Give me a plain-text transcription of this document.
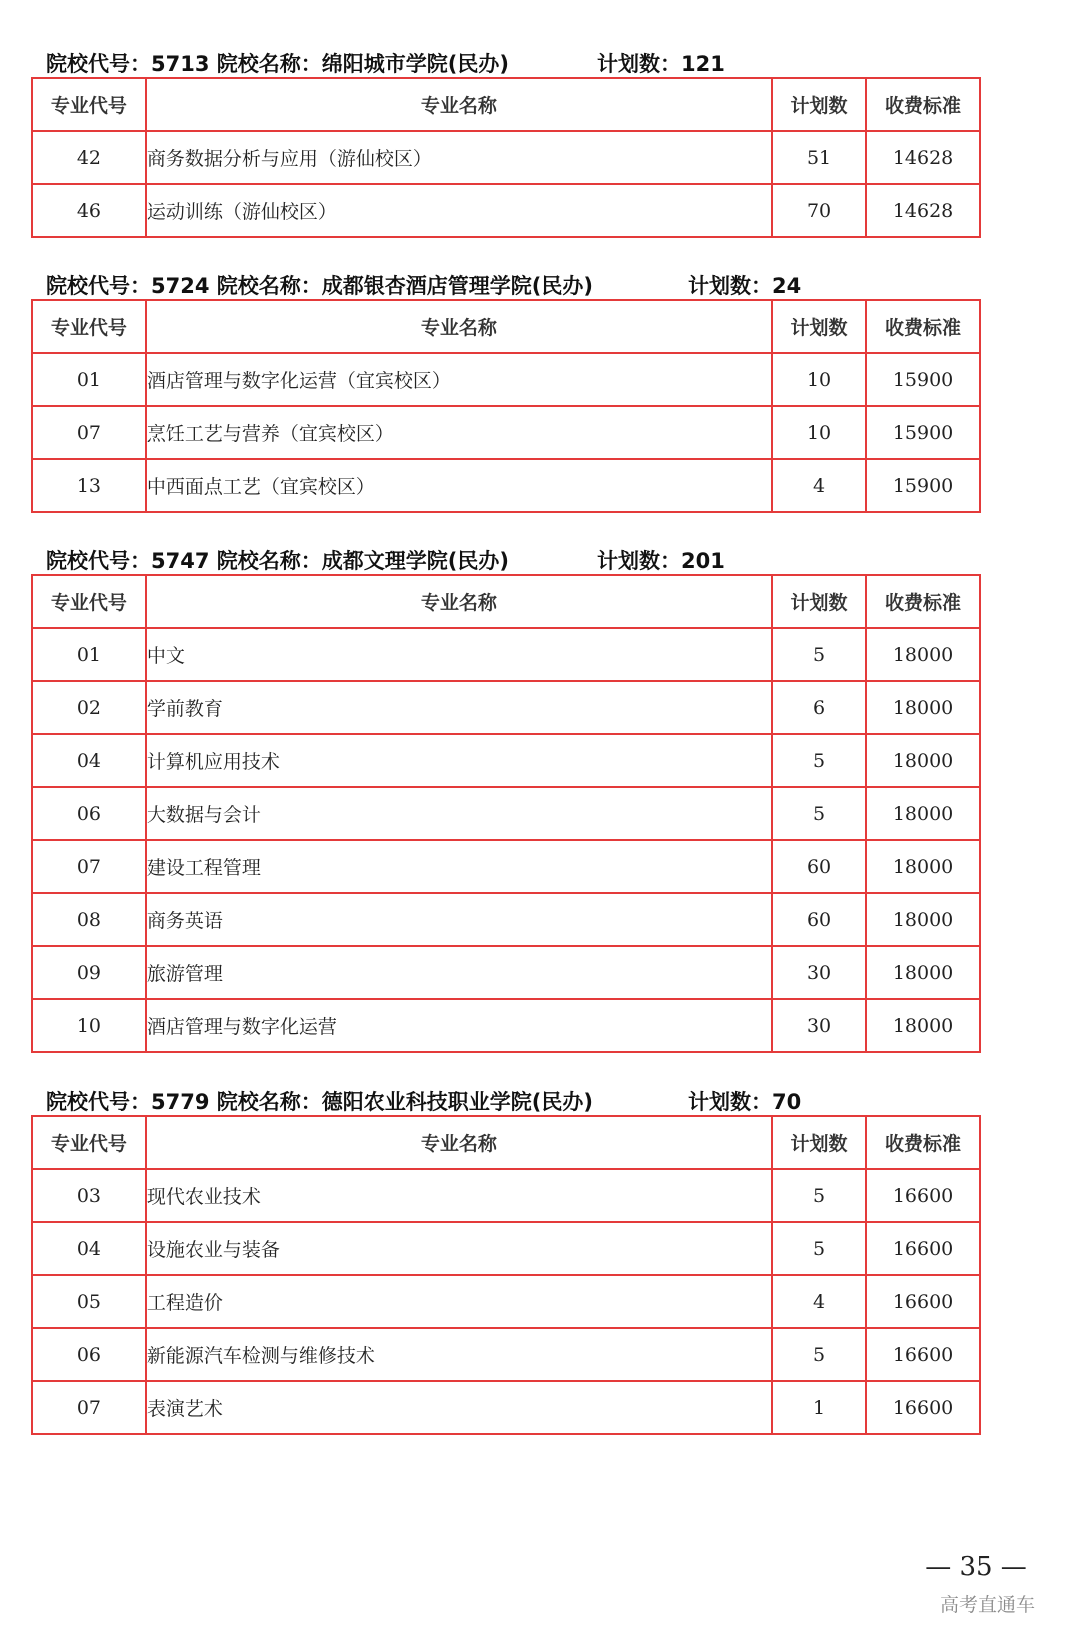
院校代号：5713 院校名称：绵阳城市学院(民办)	计划数：121
专业代号	专业名称	计划数	收费标准
42	商务数据分析与应用（游仙校区）	51	14628
46	运动训练（游仙校区）	70	14628
院校代号：5724 院校名称：成都银杏酒店管理学院(民办)	计划数：24
专业代号	专业名称	计划数	收费标准
01	酒店管理与数字化运营（宜宾校区）	10	15900
07	烹饪工艺与营养（宜宾校区）	10	15900
13	中西面点工艺（宜宾校区）	4	15900
院校代号：5747 院校名称：成都文理学院(民办)	计划数：201
专业代号	专业名称	计划数	收费标准
01	中文	5	18000
02	学前教育	6	18000
04	计算机应用技术	5	18000
06	大数据与会计	5	18000
07	建设工程管理	60	18000
08	商务英语	60	18000
09	旅游管理	30	18000
10	酒店管理与数字化运营	30	18000
院校代号：5779 院校名称：德阳农业科技职业学院(民办)	计划数：70
专业代号	专业名称	计划数	收费标准
03	现代农业技术	5	16600
04	设施农业与装备	5	16600
05	工程造价	4	16600
06	新能源汽车检测与维修技术	5	16600
07	表演艺术	1	16600
— 35 —
高考直通车
